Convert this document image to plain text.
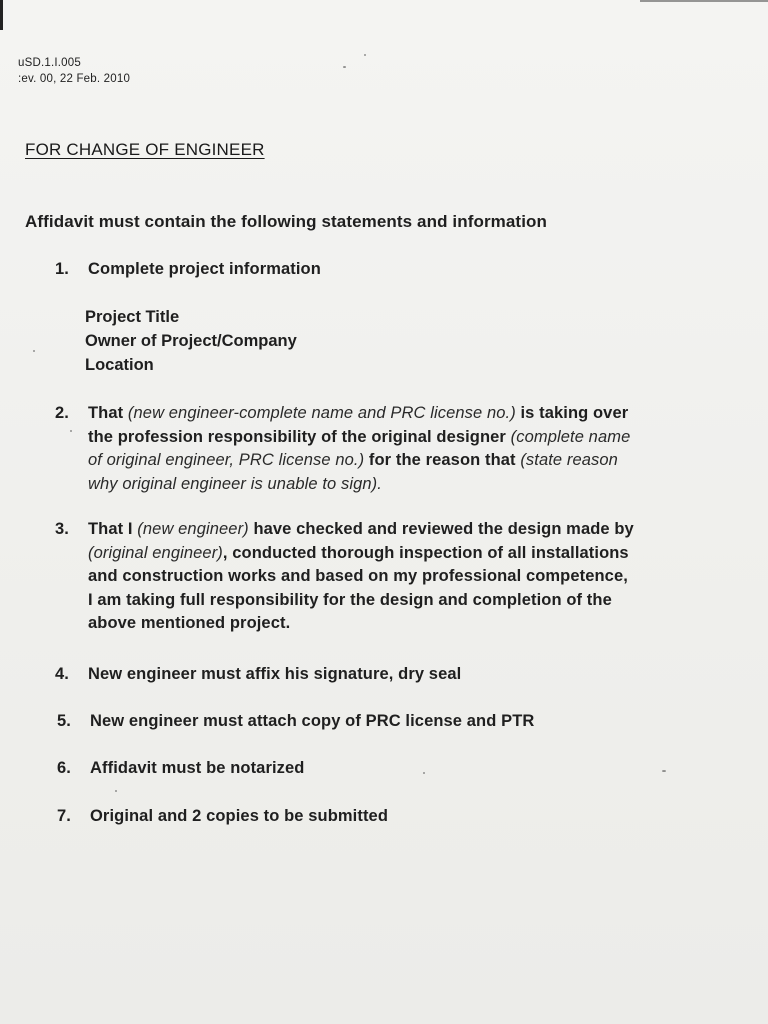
uSD.1.I.005
:ev. 00, 22 Feb. 2010
FOR CHANGE OF ENGINEER
Affidavit must contain the following statements and information
1.	Complete project information
Project Title
Owner of Project/Company
Location
2.	That (new engineer-complete name and PRC license no.) is taking over
the profession responsibility of the original designer (complete name
of original engineer, PRC license no.) for the reason that (state reason
why original engineer is unable to sign).
3.	That I (new engineer) have checked and reviewed the design made by
(original engineer), conducted thorough inspection of all installations
and construction works and based on my professional competence,
I am taking full responsibility for the design and completion of the
above mentioned project.
4.	New engineer must affix his signature, dry seal
5.	New engineer must attach copy of PRC license and PTR
6.	Affidavit must be notarized
7.	Original and 2 copies to be submitted
